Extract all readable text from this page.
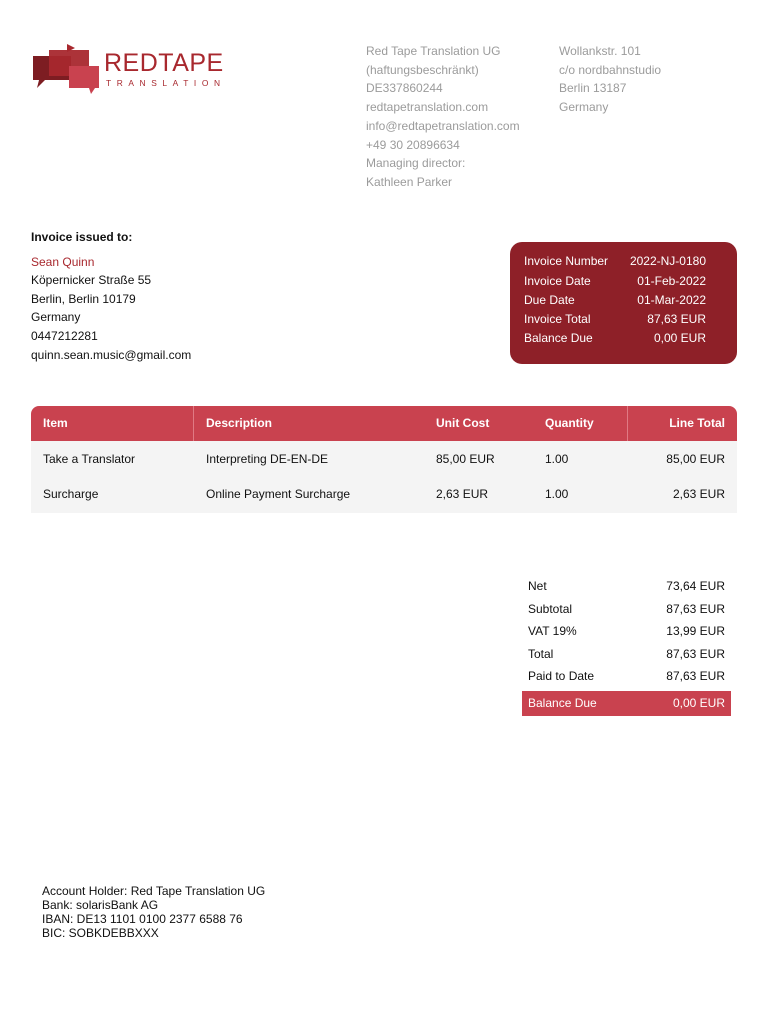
REDTAPE
TRANSLATION
Red Tape Translation UG
(haftungsbeschränkt)
DE337860244
redtapetranslation.com
info@redtapetranslation.com
+49 30 20896634
Managing director:
Kathleen Parker
Wollankstr. 101
c/o nordbahnstudio
Berlin 13187
Germany
Invoice issued to:
Sean Quinn
Köpernicker Straße 55
Berlin, Berlin 10179
Germany
0447212281
quinn.sean.music@gmail.com
Invoice Number 2022-NJ-0180
Invoice Date	01-Feb-2022
Due Date	01-Mar-2022
Invoice Total	87,63 EUR
Balance Due	0,00 EUR
Item	Description	Unit Cost	Quantity	Line Total
Take a Translator	Interpreting DE-EN-DE	85,00 EUR	1.00	85,00 EUR
Surcharge	Online Payment Surcharge	2,63 EUR	1.00	2,63 EUR
Net	73,64 EUR
Subtotal	87,63 EUR
VAT 19%	13,99 EUR
Total	87,63 EUR
Paid to Date	87,63 EUR
Balance Due	0,00 EUR
Account Holder: Red Tape Translation UG
Bank: solarisBank AG
IBAN: DE13 1101 0100 2377 6588 76
BIC: SOBKDEBBXXX
